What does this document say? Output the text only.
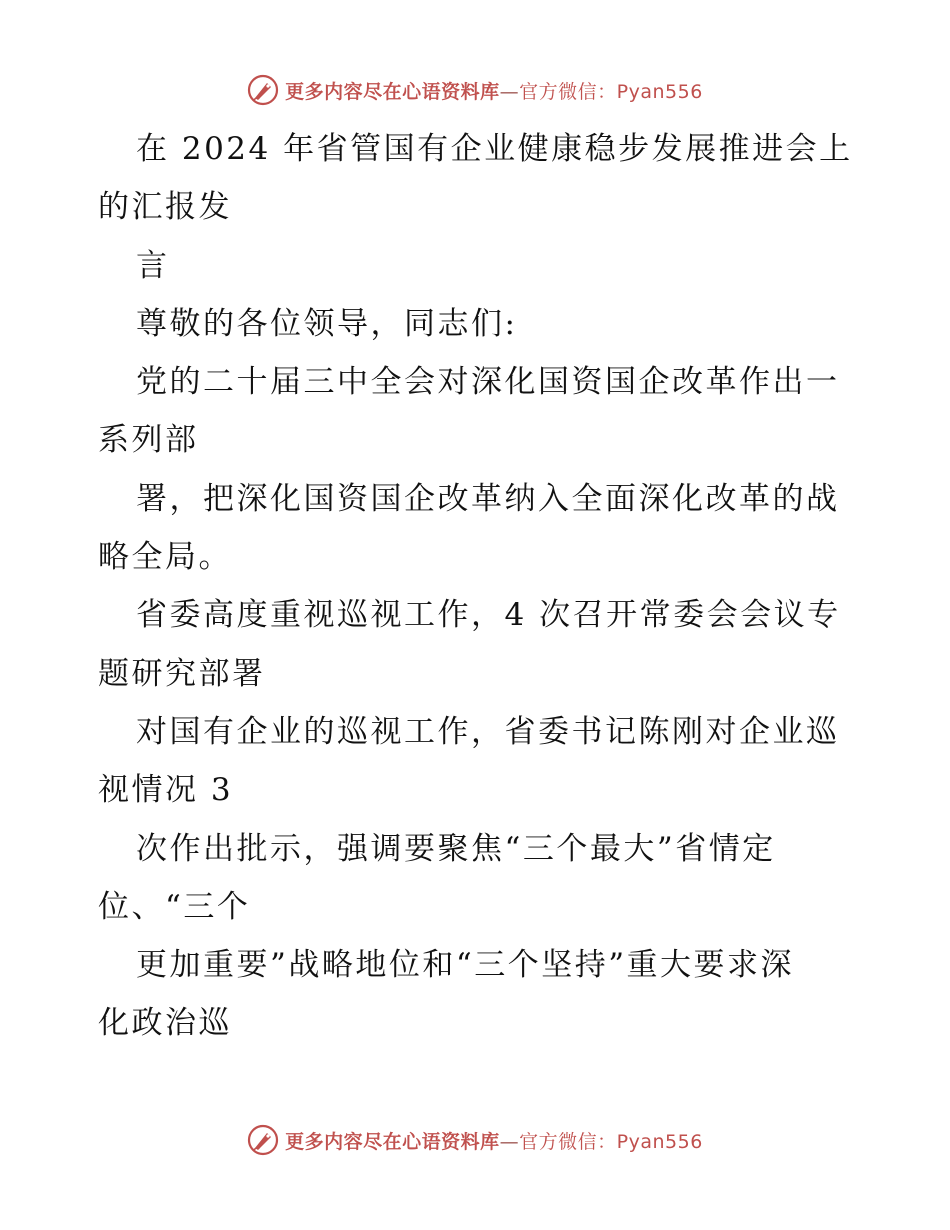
更多内容尽在心语资料库—官方微信：Pyan556
在 2024 年省管国有企业健康稳步发展推进会上
的汇报发
言
尊敬的各位领导，同志们:
党的二十届三中全会对深化国资国企改革作出一
系列部
署，把深化国资国企改革纳入全面深化改革的战
略全局。
省委高度重视巡视工作，4 次召开常委会会议专
题研究部署
对国有企业的巡视工作，省委书记陈刚对企业巡
视情况 3
次作出批示，强调要聚焦“三个最大”省情定
位、“三个
更加重要”战略地位和“三个坚持”重大要求深
化政治巡
更多内容尽在心语资料库—官方微信：Pyan556
